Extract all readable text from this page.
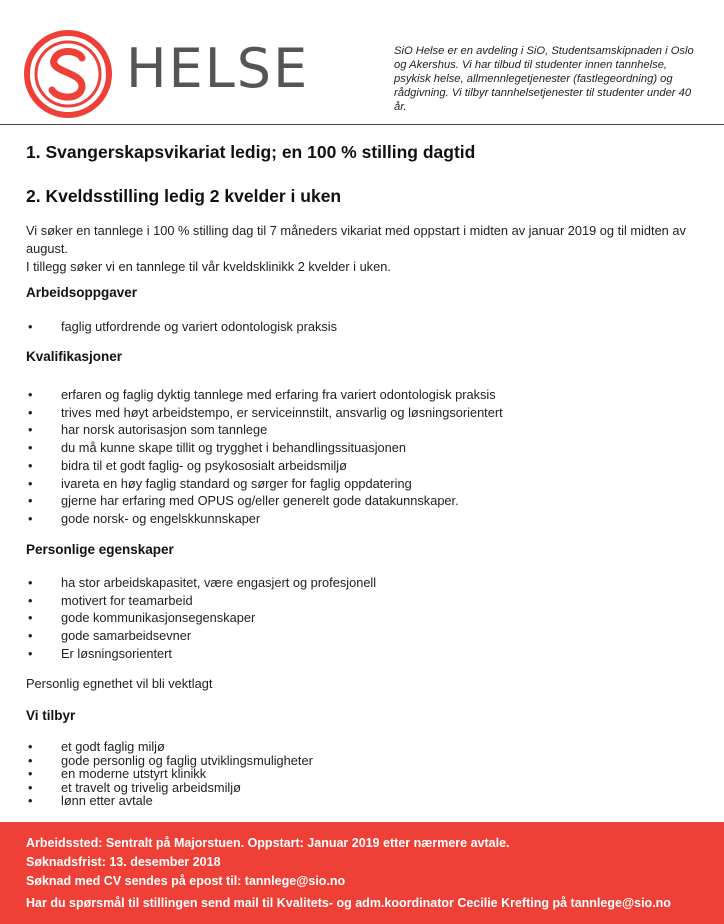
HELSE	SiO Helse er en avdeling i SiO, Studentsamskipnaden i Oslo og Akershus. Vi har tilbud til studenter innen tannhelse, psykisk helse, allmennlegetjenester (fastlegeordning) og rådgivning. Vi tilbyr tannhelsetjenester til studenter under 40 år.
1. Svangerskapsvikariat ledig; en 100 % stilling dagtid
2. Kveldsstilling ledig 2 kvelder i uken
Vi søker en tannlege i 100 % stilling dag til 7 måneders vikariat med oppstart i midten av januar 2019 og til midten av august.
I tillegg søker vi en tannlege til vår kveldsklinikk 2 kvelder i uken.
Arbeidsoppgaver
• faglig utfordrende og variert odontologisk praksis
Kvalifikasjoner
• erfaren og faglig dyktig tannlege med erfaring fra variert odontologisk praksis
• trives med høyt arbeidstempo, er serviceinnstilt, ansvarlig og løsningsorientert
• har norsk autorisasjon som tannlege
• du må kunne skape tillit og trygghet i behandlingssituasjonen
• bidra til et godt faglig- og psykososialt arbeidsmiljø
• ivareta en høy faglig standard og sørger for faglig oppdatering
• gjerne har erfaring med OPUS og/eller generelt gode datakunnskaper.
• gode norsk- og engelskkunnskaper
Personlige egenskaper
• ha stor arbeidskapasitet, være engasjert og profesjonell
• motivert for teamarbeid
• gode kommunikasjonsegenskaper
• gode samarbeidsevner
• Er løsningsorientert
Personlig egnethet vil bli vektlagt
Vi tilbyr
• et godt faglig miljø
• gode personlig og faglig utviklingsmuligheter
• en moderne utstyrt klinikk
• et travelt og trivelig arbeidsmiljø
• lønn etter avtale
Arbeidssted: Sentralt på Majorstuen. Oppstart: Januar 2019 etter nærmere avtale.
Søknadsfrist: 13. desember 2018
Søknad med CV sendes på epost til: tannlege@sio.no
Har du spørsmål til stillingen send mail til Kvalitets- og adm.koordinator Cecilie Krefting på tannlege@sio.no
